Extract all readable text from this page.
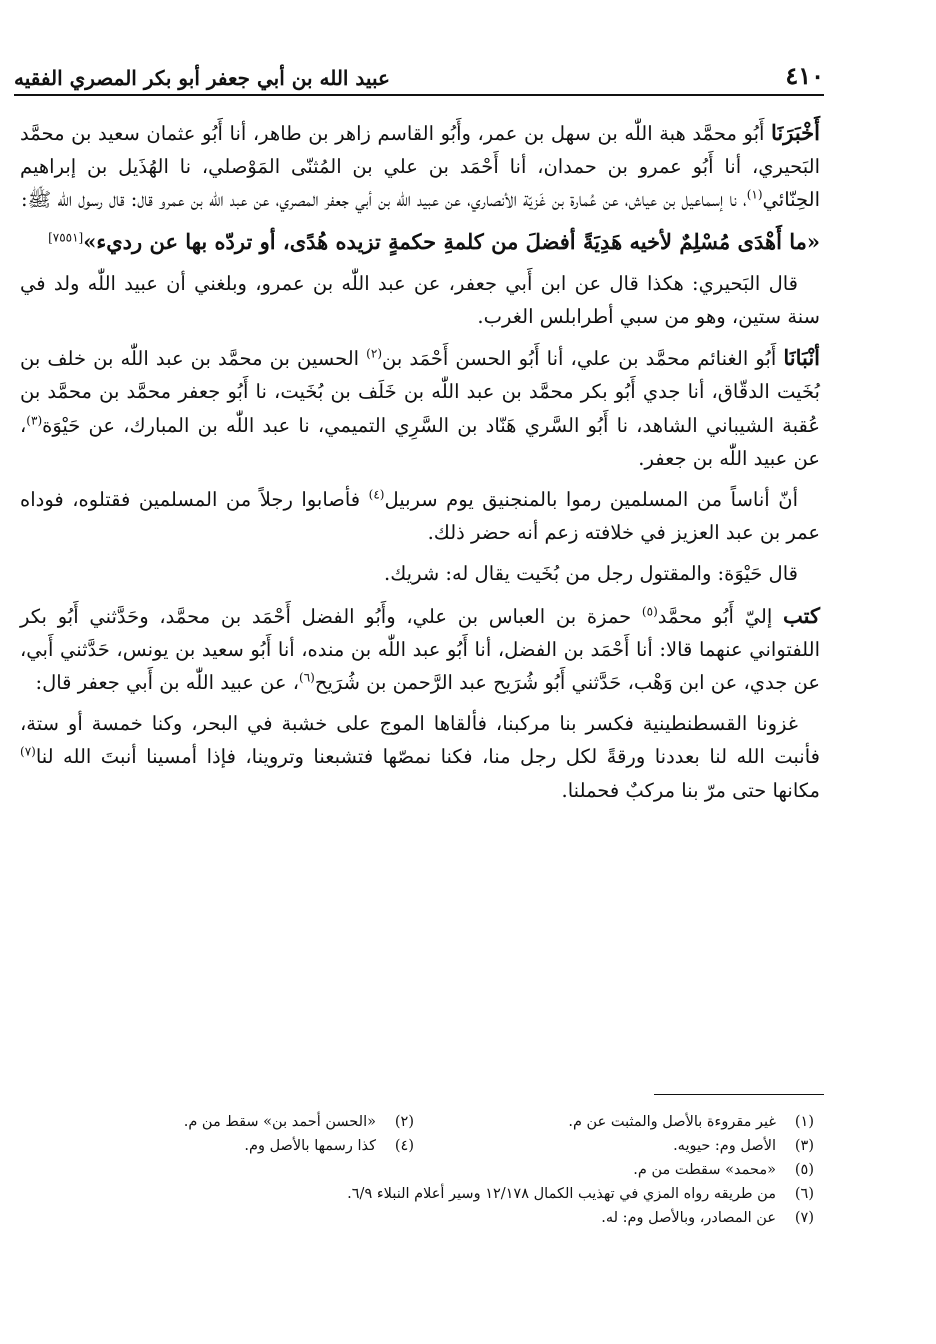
٤١٠
عبيد الله بن أبي جعفر أبو بكر المصري الفقيه

أَخْبَرَنَا أَبُو محمَّد هبة اللّٰه بن سهل بن عمر، وأَبُو القاسم زاهر بن طاهر، أنا أَبُو عثمان سعيد بن محمَّد البَحيري، أنا أَبُو عمرو بن حمدان، أنا أَحْمَد بن علي بن المُثنّى المَوْصلي، نا الهُذَيل بن إبراهيم الحِنّائي$^{(١)}$، نا إسماعيل بن عياش، عن عُمارة بن غَزيّة الأنصاري، عن عبيد اللّٰه بن أبي جعفر المصري، عن عبد اللّٰه بن عمرو قال: قال رسول اللّٰه ﷺ:

«ما أَهْدَى مُسْلِمٌ لأخيه هَدِيَةً أفضلَ من كلمةِ حكمةٍ تزيده هُدًى، أو تردّه بها عن رديء»[٧٥٥١]

قال البَحيري: هكذا قال عن ابن أَبي جعفر، عن عبد اللّٰه بن عمرو، وبلغني أن عبيد اللّٰه ولد في سنة ستين، وهو من سبي أطرابلس الغرب.

أنْبَانَا أَبُو الغنائم محمَّد بن علي، أنا أَبُو الحسن أَحْمَد بن$^{(٢)}$ الحسين بن محمَّد بن عبد اللّٰه بن خلف بن بُخَيت الدقّاق، أنا جدي أَبُو بكر محمَّد بن عبد اللّٰه بن خَلَف بن بُخَيت، نا أَبُو جعفر محمَّد بن محمَّد بن عُقبة الشيباني الشاهد، نا أَبُو السَّري هَنّاد بن السَّرِي التميمي، نا عبد اللّٰه بن المبارك، عن حَيْوَة$^{(٣)}$، عن عبيد اللّٰه بن جعفر.

أنّ أناساً من المسلمين رموا بالمنجنيق يوم سربيل$^{(٤)}$ فأصابوا رجلاً من المسلمين فقتلوه، فوداه عمر بن عبد العزيز في خلافته زعم أنه حضر ذلك.

قال حَيْوَة: والمقتول رجل من بُخَيت يقال له: شريك.

كتب إليّ أَبُو محمَّد$^{(٥)}$ حمزة بن العباس بن علي، وأَبُو الفضل أَحْمَد بن محمَّد، وحَدَّثني أَبُو بكر اللفتواني عنهما قالا: أنا أَحْمَد بن الفضل، أنا أَبُو عبد اللّٰه بن منده، أنا أَبُو سعيد بن يونس، حَدَّثني أَبي، عن جدي، عن ابن وَهْب، حَدَّثني أَبُو شُرَيح عبد الرَّحمن بن شُرَيح$^{(٦)}$، عن عبيد اللّٰه بن أَبي جعفر قال:

غزونا القسطنطينية فكسر بنا مركبنا، فألقاها الموج على خشبة في البحر، وكنا خمسة أو ستة، فأنبت الله لنا بعددنا ورقةً لكل رجل منا، فكنا نمصّها فتشبعنا وتروينا، فإذا أمسينا أنبتَ الله لنا$^{(٧)}$ مكانها حتى مرّ بنا مركبٌ فحملنا.

(١)غير مقروءة بالأصل والمثبت عن م.
(٢)«الحسن أحمد بن» سقط من م.
(٣)الأصل وم: حيويه.
(٤)كذا رسمها بالأصل وم.
(٥)«محمد» سقطت من م.
(٦)من طريقه رواه المزي في تهذيب الكمال ١٢/١٧٨ وسير أعلام النبلاء ٦/٩.
(٧)عن المصادر، وبالأصل وم: له.
